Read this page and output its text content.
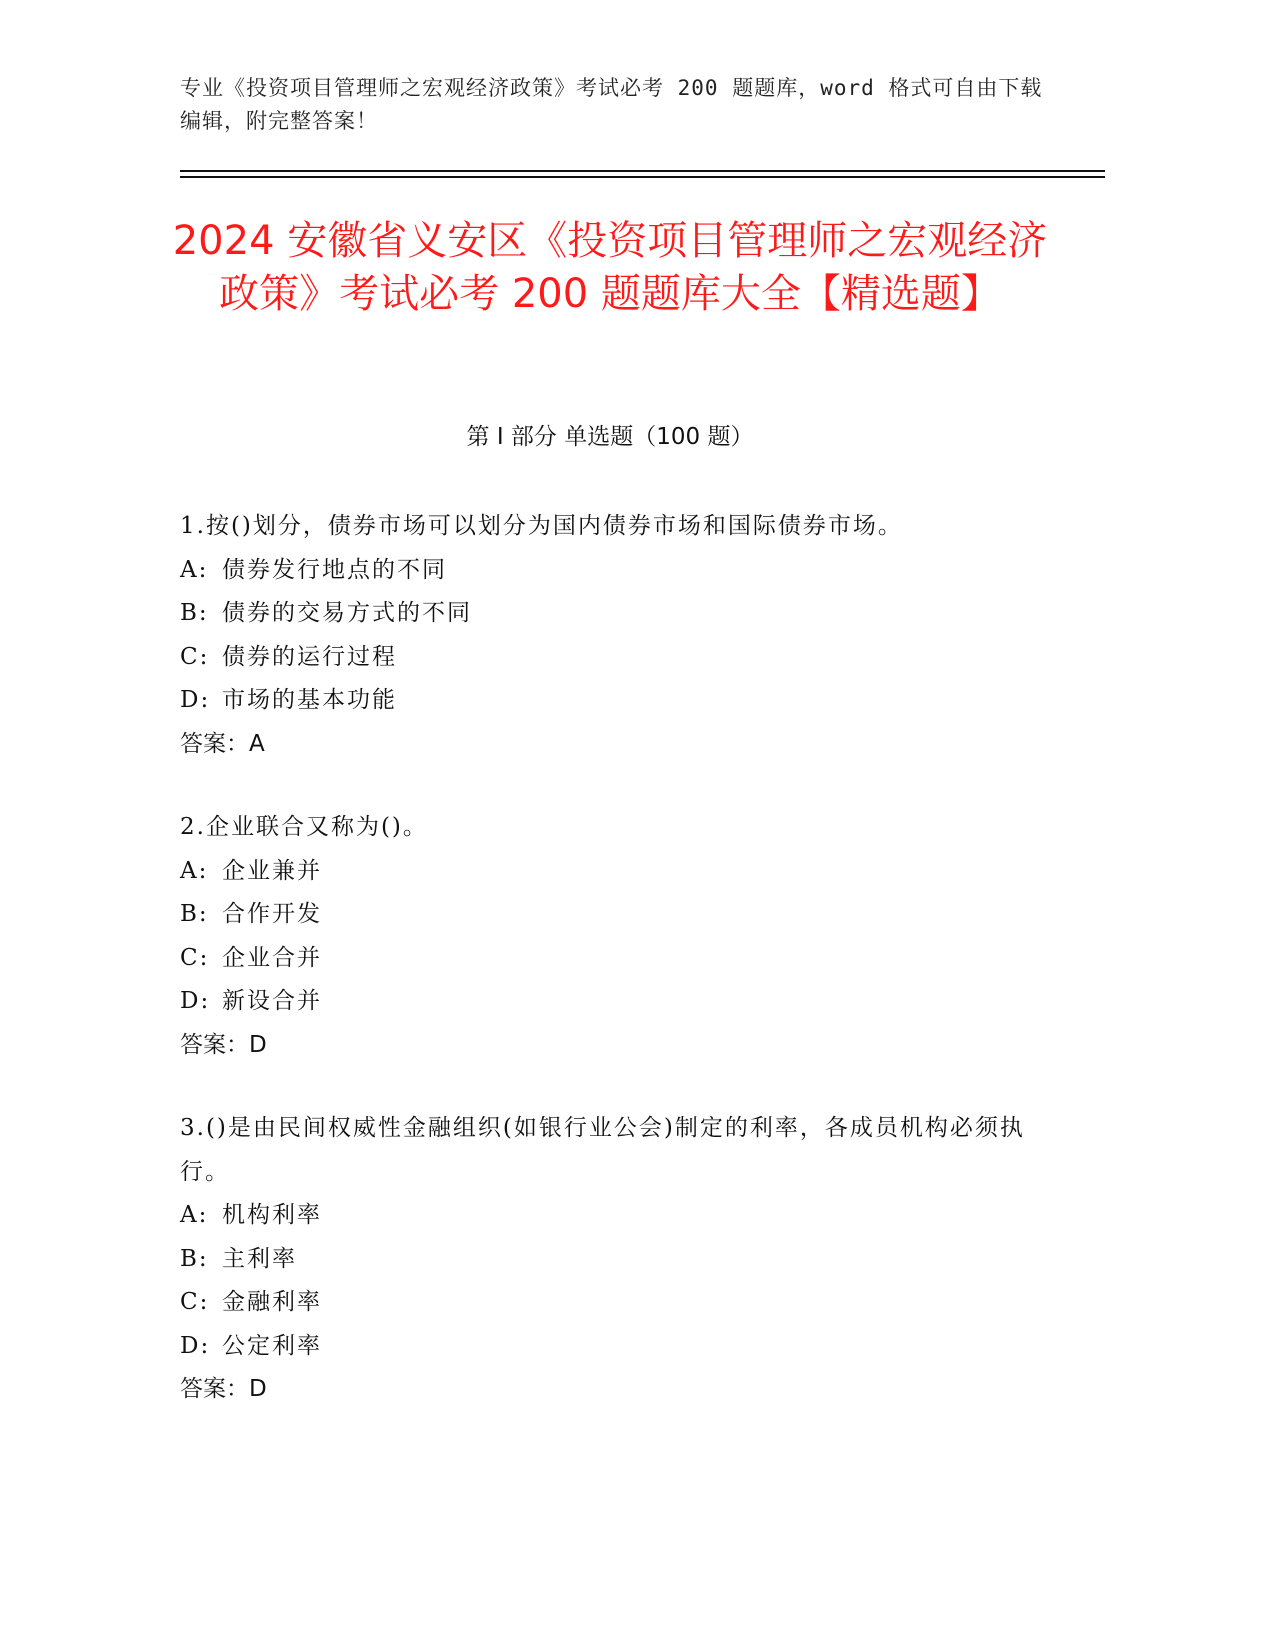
专业《投资项目管理师之宏观经济政策》考试必考 200 题题库，word 格式可自由下载编辑，附完整答案！
2024 安徽省义安区《投资项目管理师之宏观经济政策》考试必考 200 题题库大全【精选题】
第 I 部分 单选题（100 题）
1.按()划分，债券市场可以划分为国内债券市场和国际债券市场。
A: 债券发行地点的不同
B: 债券的交易方式的不同
C: 债券的运行过程
D: 市场的基本功能
答案：A
2.企业联合又称为()。
A: 企业兼并
B: 合作开发
C: 企业合并
D: 新设合并
答案：D
3.()是由民间权威性金融组织(如银行业公会)制定的利率，各成员机构必须执行。
A: 机构利率
B: 主利率
C: 金融利率
D: 公定利率
答案：D
